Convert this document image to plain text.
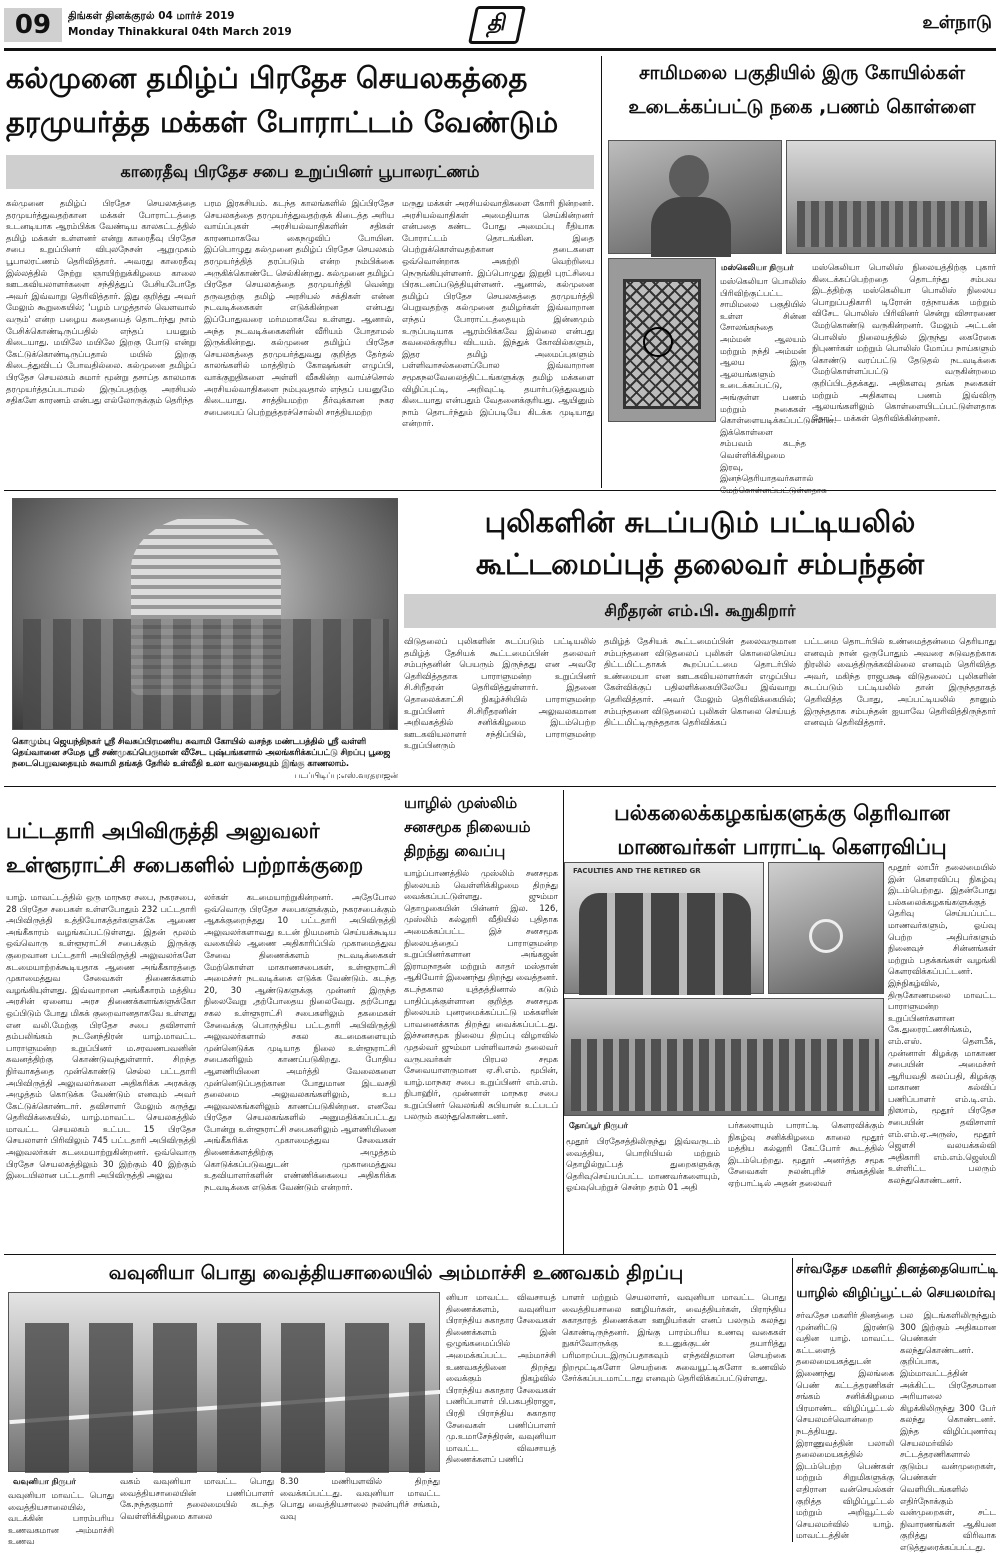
09	திங்கள் தினக்குரல் 04 மார்ச் 2019
Monday Thinakkural 04th March 2019	தி	உள்நாடு
கல்முனை தமிழ்ப் பிரதேச செயலகத்தை
தரமுயர்த்த மக்கள் போராட்டம் வேண்டும்
காரைதீவு பிரதேச சபை உறுப்பினர் பூபாலரட்ணம்
கல்முனை தமிழ்ப் பிரதேச செயலகத்தை தரமுயர்த்துவதற்கான மக்கள் போராட்டத்தை உடனடியாக ஆரம்பிக்க வேண்டிய காலகட்டத்தில் தமிழ் மக்கள் உள்ளனர் என்று காரைதீவு பிரதேச சபை உறுப்பினர் விபுலநேசன் ஆறுமுகம் பூபாலரட்ணம் தெரிவித்தார். அவரது காரைதீவு இல்லத்தில் நேற்று ஞாயிற்றுக்கிழமை காலை ஊடகவியலாளர்களை சந்தித்துப் பேசியபோதே அவர் இவ்வாறு தெரிவித்தார். இது குறித்து அவர் மேலும் கூறுகையில்; 'பழம் பழுத்தால் வௌவால் வரும்' என்ற பழைய கதையைத் தொடர்ந்து நாம் பேசிக்கொண்டிருப்பதில் எந்தப் பயனும் கிடையாது. மயிலே மயிலே இறகு போடு என்று கேட்டுக்கொண்டிருப்பதால் மயில் இறகு கிடைத்துவிடப் போவதில்லை. கல்முனை தமிழ்ப் பிரதேச செயலகம் சுமார் மூன்று தசாப்த காலமாக தரமுயர்த்தப்படாமல் இருப்பதற்கு அரசியல் சதிகளே காரணம் என்பது எல்லோருக்கும் தெரிந்த
பரம இரகசியம். கடந்த காலங்களில் இப்பிரதேச செயலகத்தை தரமுயர்த்துவதற்குக் கிடைத்த அரிய வாய்ப்புகள் அரசியல்வாதிகளின் சதிகள் காரணமாகவே கைநழுவிப் போயின. இப்பொழுது கல்முனை தமிழ்ப் பிரதேச செயலகம் தரமுயர்த்தித் தரப்படும் என்ற நம்பிக்கை அருகிக்கொண்டே செல்கின்றது. கல்முனை தமிழ்ப் பிரதேச செயலகத்தை தரமுயர்த்தி வென்று தருவதற்கு தமிழ் அரசியல் சக்திகள் என்ன நடவடிக்கைகள் எடுக்கின்றன என்பது இப்போதுவரை மர்மமாகவே உள்ளது. ஆனால், அந்த நடவடிக்கைகளின் வீரியம் போதாமல் இருக்கின்றது. கல்முனை தமிழ்ப் பிரதேச செயலகத்தை தரமுயர்த்துவது குறித்த தேர்தல் காலங்களில் மாத்திரம் கோஷங்கள் எழுப்பி, வாக்குறுதிகளை அள்ளி வீசுகின்ற வாய்ச்சொல் அரசியல்வாதிகளை நம்புவதால் எந்தப் பயனுமே கிடையாது. சாத்தியமற்ற தீர்வுக்கான நகர சபையைப் பெற்றுத்தரச்சொல்லி சாத்தியமற்ற
மருது மக்கள் அரசியல்வாதிகளை கோரி நின்றனர். அரசியல்வாதிகள் அமைதியாக செய்கின்றனர் என்பதை கண்ட போது அமைப்பு ரீதியாக போராட்டம் தொடங்கின. இதை பெற்றுக்கொள்வதற்கான தடைகளை ஒவ்வொன்றாக அகற்றி வெற்றியை நெருங்கியுள்ளனர். இப்பொழுது இறுதி புரட்சியை பிரகடனப்படுத்தியுள்ளனர். ஆனால், கல்முனை தமிழ்ப் பிரதேச செயலகத்தை தரமுயர்த்தி பெறுவதற்கு கல்முனை தமிழர்கள் இவ்வாறான எந்தப் போராட்டத்தையும் இன்னமும் உருப்படியாக ஆரம்பிக்கவே இல்லை என்பது கவலைக்குரிய விடயம். இந்துக் கோவில்களும், இதர தமிழ் அமைப்புகளும் பள்ளிவாசல்களைப்போல இவ்வாறான சமூகநலவேலைத்திட்டங்களுக்கு தமிழ் மக்களை விழிப்புட்டி, அறிவுட்டி தயார்படுத்துவதும் கிடையாது என்பதும் வேதனைக்குரியது. ஆயினும் நாம் தொடர்ந்தும் இப்படியே கிடக்க முடியாது என்றார்.
சாமிமலை பகுதியில் இரு கோயில்கள்
உடைக்கப்பட்டு நகை ,பணம் கொள்ளை
மஸ்கெலியா நிருபர்
மஸ்கெலியா பொலிஸ் பிரிவிற்குட்பட்ட சாமிமலை பகுதியில் உள்ள சின்ன சோலங்கந்தை அம்மன் ஆலயம் மற்றும் நந்தி அம்மன் ஆலய இரு ஆலயங்களும் உடைக்கப்பட்டு, அங்குள்ள பணம் மற்றும் நகைகள் கொள்ளையடிக்கப்பட்டுள்ளன. இக்கொள்ளை சம்பவம் கடந்த வெள்ளிக்கிழமை இரவு, இனந்தெரியாதவர்களால்
மஸ்கெலியா பொலிஸ் நிலையத்திற்கு புகார் கிடைக்கப்பெற்றதை தொடர்ந்து சம்பவ இடத்திற்கு மஸ்கெலியா பொலிஸ் நிலைய பொறுப்பதிகாரி டிரோன் ரத்நாயக்க மற்றும் விசேட பொலிஸ் பிரிவினர் சென்று விசாரணை மேற்கொண்டு வருகின்றனர். மேலும் அட்டன் பொலிஸ் நிலையத்தில் இருந்து கைரேகை நிபுணர்கள் மற்றும் பொலிஸ் மோப்ப நாய்களும் கொண்டு வரப்பட்டு தேடுதல் நடவடிக்கை மேற்கொள்ளப்பட்டு வருகின்றமை குறிப்பிடத்தக்கது. அதிகளவு தங்க நகைகள் மற்றும் அதிகளவு பணம் இவ்விரு ஆலயங்களிலும் கொள்ளையிடப்பட்டுள்ளதாக தோட்ட மக்கள் தெரிவிக்கின்றனர்.
கொழும்பு ஜெயந்திநகர் ஸ்ரீ சிவசுப்பிரமணிய சுவாமி கோயில் வசந்த மண்டபத்தில் ஸ்ரீ வள்ளி தெய்வானை சமேத ஸ்ரீ சண்முகப்பெருமான் வீசேட புஷ்பங்களால் அலங்கரிக்கப்பட்டு சிறப்பு பூஜை நடைபெறுவதையும் சுவாமி தங்கத் தேரில் உள்வீதி உலா வருவதையும் இங்கு காணலாம்.
படப்பிடிப்பு:எஸ்.வரதராஜன்
புலிகளின் சுடப்படும் பட்டியலில்
கூட்டமைப்புத் தலைவர் சம்பந்தன்
சிறீதரன் எம்.பி. கூறுகிறார்
விடுதலைப் புலிகளின் சுடப்படும் பட்டியலில் தமிழ்த் தேசியக் கூட்டமைப்பின் தலைவர் சம்பந்தனின் பெயரும் இருந்தது என அவரே தெரிவித்ததாக பாராளுமன்ற உறுப்பினர் சி.சிறீதரன் தெரிவித்துள்ளார். இதனை தொலைக்காட்சி நிகழ்ச்சியில் பாராளுமன்ற உறுப்பினர் சி.சிறீதரனின் அலுவலகமான அறிவகத்தில் சனிக்கிழமை இடம்பெற்ற ஊடகவியலாளர் சந்திப்பில், பாராளுமன்ற உறுப்பினரும்
தமிழ்த் தேசியக் கூட்டமைப்பின் தலைவருமான சம்பந்தனை விடுதலைப் புலிகள் கொலைசெய்ய திட்டமிட்டதாகக் கூறப்பட்டமை தொடர்பில் உண்மையா என ஊடகவியலாளர்கள் எழுப்பிய கேள்விக்குப் பதிலளிக்கையிலேயே இவ்வாறு தெரிவித்தார். அவர் மேலும் தெரிவிக்கையில்; சம்பந்தனை விடுதலைப் புலிகள் கொலை செய்யத் திட்டமிட்டிருந்ததாக தெரிவிக்கப்
பட்டமை தொடர்பில் உண்மைத்தன்மை தெரியாது எனவும் நான் ஒருபோதும் அவரை சுடுவதற்காக நிரலில் வைத்திருக்கவில்லை எனவும் தெரிவித்த அவர், மகிந்த ராஜபக்ஷ விடுதலைப் புலிகளின் சுடப்படும் பட்டியலில் தான் இருந்ததாகத் தெரிவித்த போது, அப்பட்டியலில் தானும் இருந்ததாக சம்பந்தன் ஐயாவே தெரிவித்திருந்தார் எனவும் தெரிவித்தார்.
யாழில் முஸ்லிம்
சனசமூக நிலையம்
திறந்து வைப்பு
யாழ்ப்பாணத்தில் முஸ்லிம் சனசமூக நிலையம் வெள்ளிக்கிழமை திறந்து வைக்கப்பட்டுள்ளது. ஜும்மா தொழுகையின் பின்னர் இல. 126, முஸ்லிம் கல்லூரி வீதியில் புதிதாக அமைக்கப்பட்ட இச் சனசமூக நிலையத்தைப் பாராளுமன்ற உறுப்பினர்களான அங்கஜன் இராமநாதன் மற்றும் காதர் மஸ்தான் ஆகியோர் இணைந்து திறந்து வைத்தனர். கடந்தகால யுத்தத்தினால் கடும் பாதிப்புக்குள்ளான குறித்த சனசமூக நிலையம் புனரமைக்கப்பட்டு மக்களின் பாவனைக்காக திறந்து வைக்கப்பட்டது. இச்சனசமூக நிலைய திறப்பு விழாவில் முதல்வர் ஜும்மா பள்ளிவாசல் தலைவர் வருபவர்கள் பிரபல சமூக சேவையாளருமான ஏ.சி.எம். மூபின், யாழ்.மாநகர சபை உறுப்பினர் எம்.எம். நிபாஹிர், முன்னாள் மாநகர சபை உறுப்பினர் வெலங்கி சுபியான் உட்படப் பலரும் கலந்துகொண்டனர்.
பட்டதாரி அபிவிருத்தி அலுவலர்
உள்ளூராட்சி சபைகளில் பற்றாக்குறை
யாழ். மாவட்டத்தில் ஒரு மாநகர சபை, நகரசபை, 28 பிரதேச சபைகள் உள்ளபோதும் 232 பட்டதாரி அபிவிருத்தி உத்தியோகத்தர்களுக்கே ஆணை அங்கீகாரம் வழங்கப்பட்டுள்ளது. இதன் மூலம் ஒவ்வொரு உள்ளூராட்சி சபைக்கும் இருக்கு குறைவான பட்டதாரி அபிவிருத்தி அலுவலர்களே கடமையாற்றக்கூடியதாக ஆணை அங்கீகாரத்தை முகாமைத்துவ சேவைகள் திணைக்களம் வழங்கியுள்ளது. இவ்வாறான அங்கீகாரம் மத்திய அரசின் ஏனைய அரச திணைக்களங்களுக்கோ ஒப்பிடும் போது மிகக் குறைவானதாகவே உள்ளது என வலி.மேற்கு பிரதேச சபை தவிசாளர் தம்பலிங்கம் நடனேந்திரன் யாழ்.மாவட்ட பாராளுமன்ற உறுப்பினர் ம.சரவணபவனின் கவனத்திற்கு கொண்டுவந்துள்ளார். சிறந்த நிர்வாகத்தை முன்கொண்டு செல்ல பட்டதாரி அபிவிருத்தி அலுவலர்களை அதிகரிக்க அரசுக்கு அழுத்தம் கொடுக்க வேண்டும் எனவும் அவர் கேட்டுக்கொண்டார். தவிசாளர் மேலும் கருத்து தெரிவிக்கையில், யாழ்.மாவட்ட செயலகத்தில் மாவட்ட செயலகம் உட்பட 15 பிரதேச செயலாளர் பிரிவிலும் 745 பட்டதாரி அபிவிருத்தி அலுவலர்கள் கடமையாற்றுகின்றனர். ஒவ்வொரு பிரதேச செயலகத்திலும் 30 இற்கும் 40 இற்கும் இடையிலான பட்டதாரி அபிவிருத்தி அலுவ
லர்கள் கடமையாற்றுகின்றனர். அதேபோல ஒவ்வொரு பிரதேச சபைகளுக்கும், நகரசபைக்கும் ஆகக்குறைந்தது 10 பட்டதாரி அபிவிருத்தி அலுவலர்களாவது உடன் நியமனம் செய்யக்கூடிய வகையில் ஆணை அதிகாரிப்பில் முகாமைத்துவ சேவை திணைக்களம் நடவடிக்கைகள் மேற்கொள்ள மாகாணசபைகள், உள்ளூராட்சி அமைச்சர் நடவடிக்கை எடுக்க வேண்டும். கடந்த 20, 30 ஆண்டுகளுக்கு முன்னர் இருந்த நிலைவேறு ,தற்போதைய நிலைவேறு. தற்போது சகல உள்ளூராட்சி சபைகளிலும் தகமைகள் சேவைக்கு பொருந்திய பட்டதாரி அபிவிருத்தி அலுவலர்களால் சகல கடமைகளையும் முன்னெடுக்க முடியாத நிலை உள்ளூராட்சி சபைகளிலும் காணப்படுகிறது. போதிய ஆளணியினை அமர்த்தி வேலைகளை முன்னெடுப்பதற்கான போதுமான இடவசதி தலைமை அலுவலகங்களிலும், உப அலுவலகங்களிலும் காணப்படுகின்றன. எனவே பிரதேச செயலகங்களில் அனுமதிக்கப்பட்டது போன்று உள்ளூராட்சி சபைகளிலும் ஆளணியினை அங்கீகரிக்க முகாமைத்துவ சேவைகள் திணைக்களத்திற்கு அழுத்தம் கொடுக்கப்படுவதுடன் முகாமைத்துவ உதவியாளர்களின் எண்ணிக்கையை அதிகரிக்க நடவடிக்கை எடுக்க வேண்டும் என்றார்.
பல்கலைக்கழகங்களுக்கு தெரிவான
மாணவர்கள் பாராட்டி கௌரவிப்பு
FACULTIES AND THE RETIRED GR
தோப்பூர் நிருபர்
மூதூர் லாபீர் தலைமையில் இன் கௌரவிப்பு நிகழ்வு இடம்பெற்றது. இதன்போது பல்கலைக்கழகங்களுக்குத் தெரிவு செய்யப்பட்ட மாணவர்களும், ஓய்வு பெற்ற அதிபர்களும் நினைவுச் சின்னங்கள் மற்றும் பதக்கங்கள் வழங்கி கௌரவிக்கப்பட்டனர். இந்நிகழ்வில், திருகோணமலை மாவட்ட பாராளுமன்ற உறுப்பினர்களான கே.துரைரட்ணசிங்கம், எம்.எஸ். தௌபீக், முன்னாள் கிழக்கு மாகாண சபையின் அமைச்சர் ஆரியவதி கலப்பதி, கிழக்கு மாகாண கல்விப் பணிப்பாளர் எம்.டி.எம். நிஸாம், மூதூர் பிரதேச சபையின் தவிசாளர் எம்.எம்.ஏ.அருஸ், மூதூர் ஜௌசி வலயக்கல்வி அதிகாரி எம்.எம்.ஜெஸ்மி உள்ளிட்ட பலரும் கலந்துகொண்டனர்.
மூதூர் பிரதேசத்திலிருந்து இவ்வருடம் வைத்திய, பொறியியல் மற்றும் தொழில்நுட்பத் துறைகளுக்கு தெரிவுசெய்யப்பட்ட மாணவர்களையும், ஓய்வுபெற்றுச் சென்ற தரம் 01 அதி
பர்களையும் பாராட்டி கௌரவிக்கும் நிகழ்வு சனிக்கிழமை காலை மூதூர் மத்திய கல்லூரி கேட்போர் கூடத்தில் இடம்பெற்றது. மூதூர் அனர்த்த சமூக சேவைகள் நலன்புரிச் சங்கத்தின் ஏற்பாட்டில் அதன் தலைவர்
வவுனியா பொது வைத்தியசாலையில் அம்மாச்சி உணவகம் திறப்பு
வவுனியா நிருபர்
வவுனியா மாவட்ட பொது வைத்தியசாலையில், வடக்கின் பாரம்பரிய உணவகமான அம்மாச்சி உணவ
வகம் வவுனியா மாவட்ட பொது வைத்தியசாலையின் பணிப்பாளர் கே.நந்தகுமார் தலைமையில் கடந்த வெள்ளிக்கிழமை காலை
8.30 மணியளவில் திறந்து வைக்கப்பட்டது. வவுனியா மாவட்ட பொது வைத்தியசாலை நலன்புரிச் சங்கம், வவு
னியா மாவட்ட விவசாயத் திணைக்களம், வவுனியா பிராந்திய சுகாதார சேவைகள் திணைக்களம் இன் ஒழுங்கமைப்பில் அமைக்கப்பட்ட அம்மாச்சி உணவகத்தினை திறந்து வைக்கும் நிகழ்வில் பிராந்திய சுகாதார சேவைகள் பணிப்பாளர் பி.பகபதிராஜா, பிரதி பிராந்திய சுகாதார சேவைகள் பணிப்பாளர் மு.உமாசேந்திரன், வவுனியா மாவட்ட விவசாயத் திணைக்களப் பணிப்
பாளர் மற்றும் செயலாளர், வவுனியா மாவட்ட பொது வைத்தியசாலை ஊழியர்கள், வைத்தியர்கள், பிராந்திய சுகாதாரத் திணைக்கள ஊழியர்கள் எனப் பலரும் கலந்து கொண்டிருந்தனர். இங்கு பாரம்பரிய உணவு வகைகள் நுகர்வோருக்கு உடனுக்குடன் தயாரித்து பரிமாறப்படஇருப்பதாகவும் எந்தவிதமான செயற்கை நிறமூட்டிகளோ செயற்கை சுவையூட்டிகளோ உணவில் சேர்க்கப்படமாட்டாது எனவும் தெரிவிக்கப்பட்டுள்ளது.
சர்வதேச மகளிர் தினத்தையொட்டி
யாழில் விழிப்பூட்டல் செயலமர்வு
சர்வதேச மகளிர் தினத்தை முன்னிட்டு இரண்டு வதின யாழ். மாவட்ட கட்டளைத் தலைமையகத்துடன் இணைந்து இலங்கை பெண் கட்டத்தரணிகள் சங்கம் சனிக்கிழமை பிரமாண்ட விழிப்பூட்டல் செயலமர்வொன்றை நடத்தியது. இராணுவத்தின் பலாலி தலைமையகத்தில் இடம்பெற்ற பெண்கள் மற்றும் சிறுமிகளுக்கு எதிரான வன்செயல்கள் குறித்த விழிப்பூட்டல் மற்றும் அறிவூட்டல் செயலமர்வில் யாழ். மாவட்டத்தின்
பல இடங்களிலிருந்தும் 300 இற்கும் அதிகமான பெண்கள் கலந்துகொண்டனர். குறிப்பாக, இம்மாவட்டத்தின் அக்கிட்ட பிரதேசமான அரியாலை கிழக்கிலிருந்து 300 பேர் கலந்து கொண்டனர். இந்த விழிப்புணர்வு செயலமர்வில் சட்டத்தரணிகளால் குடும்ப வன்முறைகள், பெண்கள் வெளியிடங்களில் எதிர்நோக்கும் வன்முறைகள், சட்ட நிவாரணங்கள் ஆகியன குறித்து விரிவாக எடுத்துரைக்கப்பட்டது.
